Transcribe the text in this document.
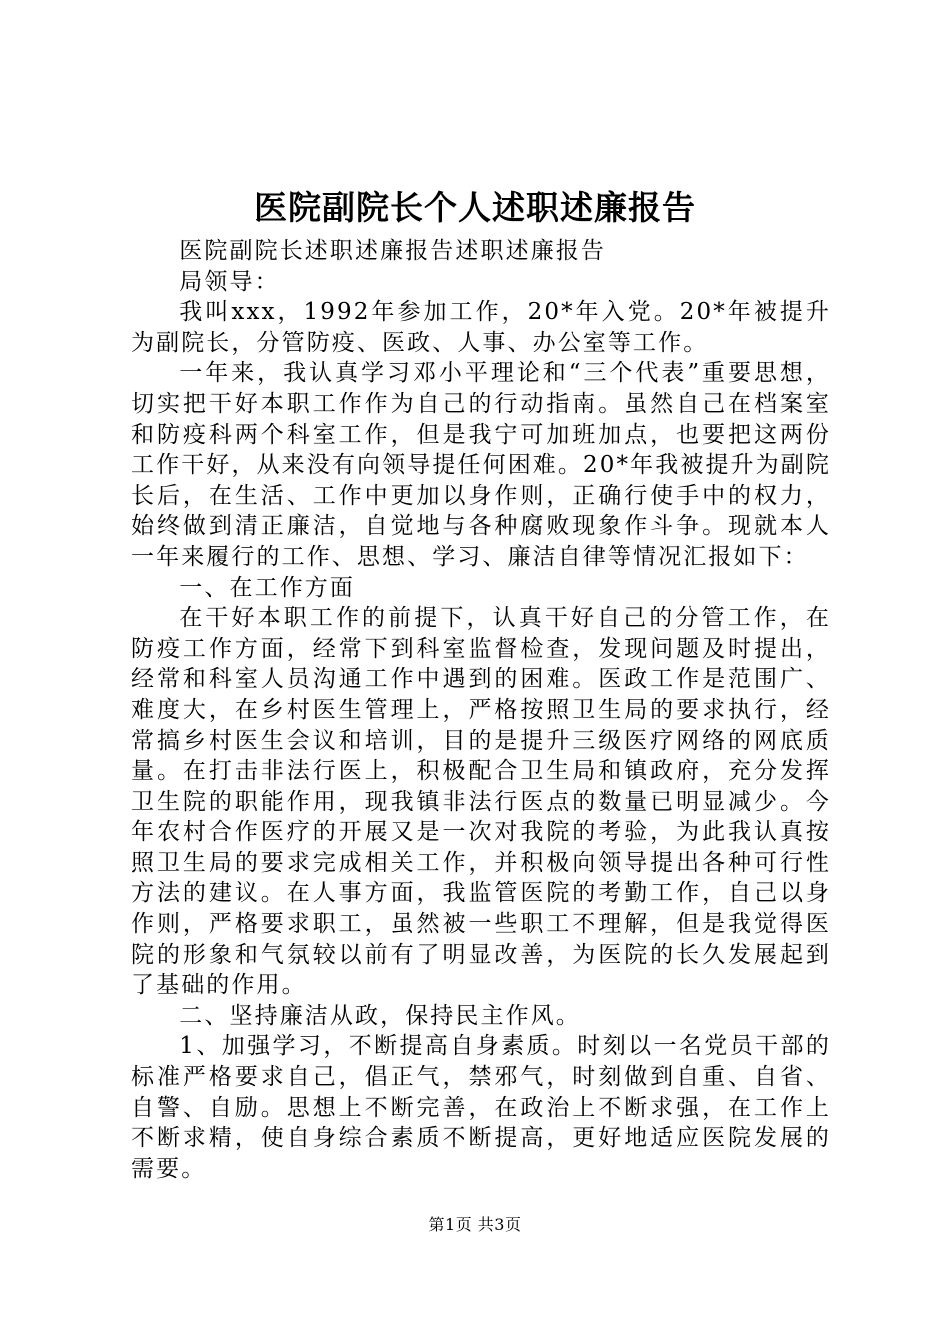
医院副院长个人述职述廉报告

医院副院长述职述廉报告述职述廉报告

局领导：

我叫xxx，1992年参加工作，20*年入党。20*年被提升为副院长，分管防疫、医政、人事、办公室等工作。

一年来，我认真学习邓小平理论和“三个代表”重要思想，切实把干好本职工作作为自己的行动指南。虽然自己在档案室和防疫科两个科室工作，但是我宁可加班加点，也要把这两份工作干好，从来没有向领导提任何困难。20*年我被提升为副院长后，在生活、工作中更加以身作则，正确行使手中的权力，始终做到清正廉洁，自觉地与各种腐败现象作斗争。现就本人一年来履行的工作、思想、学习、廉洁自律等情况汇报如下：

一、在工作方面

在干好本职工作的前提下，认真干好自己的分管工作，在防疫工作方面，经常下到科室监督检查，发现问题及时提出，经常和科室人员沟通工作中遇到的困难。医政工作是范围广、难度大，在乡村医生管理上，严格按照卫生局的要求执行，经常搞乡村医生会议和培训，目的是提升三级医疗网络的网底质量。在打击非法行医上，积极配合卫生局和镇政府，充分发挥卫生院的职能作用，现我镇非法行医点的数量已明显减少。今年农村合作医疗的开展又是一次对我院的考验，为此我认真按照卫生局的要求完成相关工作，并积极向领导提出各种可行性方法的建议。在人事方面，我监管医院的考勤工作，自己以身作则，严格要求职工，虽然被一些职工不理解，但是我觉得医院的形象和气氛较以前有了明显改善，为医院的长久发展起到了基础的作用。

二、坚持廉洁从政，保持民主作风。

1、加强学习，不断提高自身素质。时刻以一名党员干部的标准严格要求自己，倡正气，禁邪气，时刻做到自重、自省、自警、自励。思想上不断完善，在政治上不断求强，在工作上不断求精，使自身综合素质不断提高，更好地适应医院发展的需要。

第1页 共3页
